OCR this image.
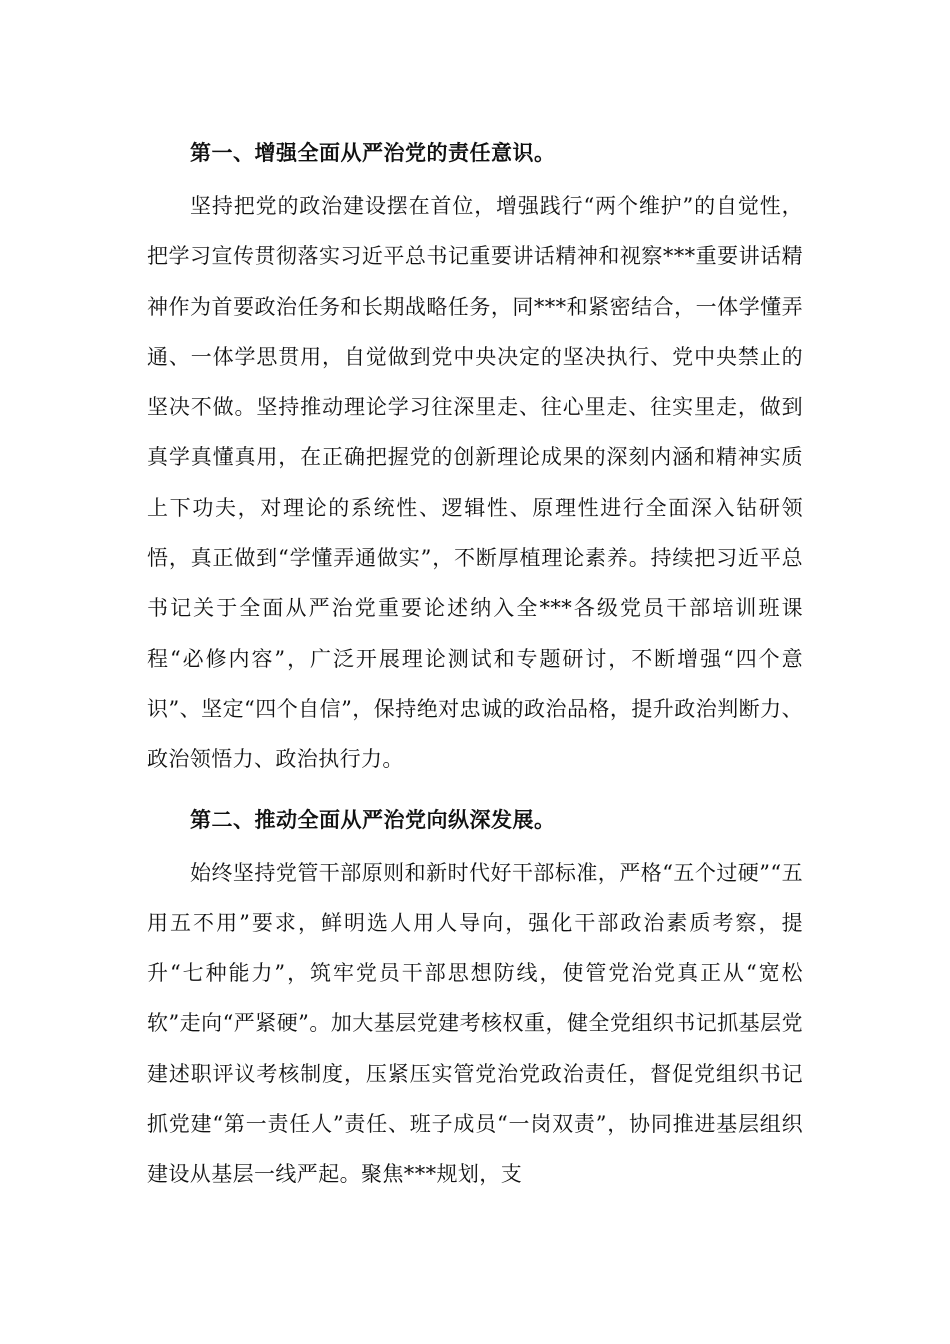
第一、增强全面从严治党的责任意识。

坚持把党的政治建设摆在首位，增强践行“两个维护”的自觉性，把学习宣传贯彻落实习近平总书记重要讲话精神和视察***重要讲话精神作为首要政治任务和长期战略任务，同***和紧密结合，一体学懂弄通、一体学思贯用，自觉做到党中央决定的坚决执行、党中央禁止的坚决不做。坚持推动理论学习往深里走、往心里走、往实里走，做到真学真懂真用，在正确把握党的创新理论成果的深刻内涵和精神实质上下功夫，对理论的系统性、逻辑性、原理性进行全面深入钻研领悟，真正做到“学懂弄通做实”，不断厚植理论素养。持续把习近平总书记关于全面从严治党重要论述纳入全***各级党员干部培训班课程“必修内容”，广泛开展理论测试和专题研讨，不断增强“四个意识”、坚定“四个自信”，保持绝对忠诚的政治品格，提升政治判断力、政治领悟力、政治执行力。

第二、推动全面从严治党向纵深发展。

始终坚持党管干部原则和新时代好干部标准，严格“五个过硬”“五用五不用”要求，鲜明选人用人导向，强化干部政治素质考察，提升“七种能力”，筑牢党员干部思想防线，使管党治党真正从“宽松软”走向“严紧硬”。加大基层党建考核权重，健全党组织书记抓基层党建述职评议考核制度，压紧压实管党治党政治责任，督促党组织书记抓党建“第一责任人”责任、班子成员“一岗双责”，协同推进基层组织建设从基层一线严起。聚焦***规划，支
